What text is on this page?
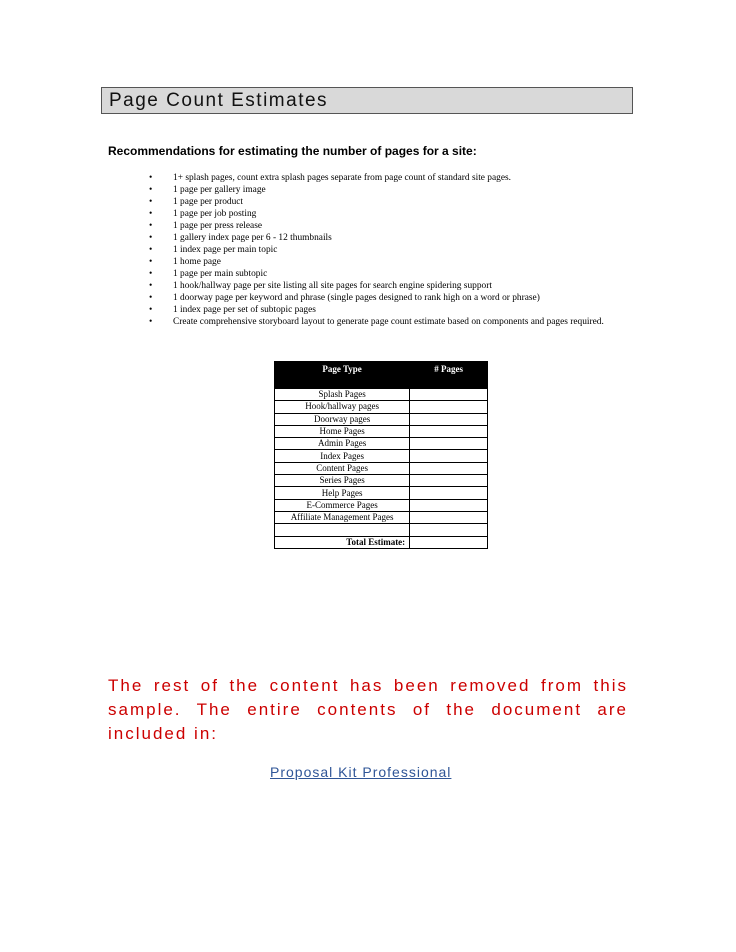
Page Count Estimates
Recommendations for estimating the number of pages for a site:
• 1+ splash pages, count extra splash pages separate from page count of standard site pages.
• 1 page per gallery image
• 1 page per product
• 1 page per job posting
• 1 page per press release
• 1 gallery index page per 6 - 12 thumbnails
• 1 index page per main topic
• 1 home page
• 1 page per main subtopic
• 1 hook/hallway page per site listing all site pages for search engine spidering support
• 1 doorway page per keyword and phrase (single pages designed to rank high on a word or phrase)
• 1 index page per set of subtopic pages
• Create comprehensive storyboard layout to generate page count estimate based on components and pages required.
Page Type	# Pages
Splash Pages	
Hook/hallway pages	
Doorway pages	
Home Pages	
Admin Pages	
Index Pages	
Content Pages	
Series Pages	
Help Pages	
E-Commerce Pages	
Affiliate Management Pages	

Total Estimate:	
The rest of the content has been removed from this sample. The entire contents of the document are included in:
Proposal Kit Professional
